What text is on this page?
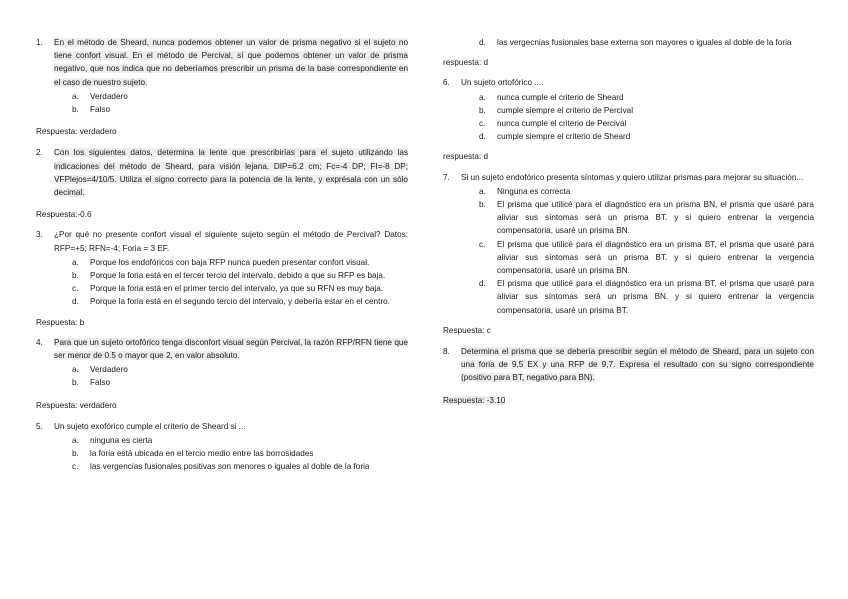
1.	En el método de Sheard, nunca podemos obtener un valor de prisma negativo si el sujeto no tiene confort visual. En el método de Percival, sí que podemos obtener un valor de prisma negativo, que nos indica que no deberíamos prescribir un prisma de la base correspondiente en el caso de nuestro sujeto.
a.	Verdadero
b.	Falso
Respuesta: verdadero
2.	Con los siguientes datos, determina la lente que prescribirías para el sujeto utilizando las indicaciones del método de Sheard, para visión lejana. DIP=6.2 cm; Fc=-4 DP; FI=-8 DP; VFPlejos=4/10/5. Utiliza el signo correcto para la potencia de la lente, y exprésala con un sólo decimal.
Respuesta:-0.6
3.	¿Por qué no presente confort visual el siguiente sujeto según el método de Percival? Datos: RFP=+5; RFN=-4; Foria = 3 EF.
a.	Porque los endofóricos con baja RFP nunca pueden presentar confort visual.
b.	Porque la foria está en el tercer tercio del intervalo, debido a que su RFP es baja.
c.	Porque la foria está en el primer tercio del intervalo, ya que su RFN es muy baja.
d.	Porque la foria está en el segundo tercio del intervalo, y debería estar en el centro.
Respuesta: b
4.	Para que un sujeto ortofórico tenga disconfort visual según Percival, la razón RFP/RFN tiene que ser menor de 0.5 o mayor que 2, en valor absoluto.
a.	Verdadero
b.	Falso
Respuesta: verdadero
5.	Un sujeto exofórico cumple el criterio de Sheard si ...
a.	ninguna es cierta
b.	la foria está ubicada en el tercio medio entre las borrosidades
c.	las vergencias fusionales positivas son menores o iguales al doble de la foria
d.	las vergecnias fusionales base externa son mayores o iguales al doble de la foria
respuesta: d
6.	Un sujeto ortofórico ....
a.	nunca cumple el criterio de Sheard
b.	cumple siempre el criterio de Percival
c.	nunca cumple el criterio de Percival
d.	cumple siempre el criterio de Sheard
respuesta: d
7.	Si un sujeto endofórico presenta síntomas y quiero utilizar prismas para mejorar su situación...
a.	Ninguna es correcta
b.	El prisma que utilicé para el diagnóstico era un prisma BN, el prisma que usaré para aliviar sus síntomas será un prisma BT. y si quiero entrenar la vergencia compensatoria, usaré un prisma BN.
c.	El prisma que utilicé para el diagnóstico era un prisma BT, el prisma que usaré para aliviar sus síntomas será un prisma BT. y si quiero entrenar la vergencia compensatoria, usaré un prisma BN.
d.	El prisma que utilicé para el diagnóstico era un prisma BT, el prisma que usaré para aliviar sus síntomas será un prisma BN. y si quiero entrenar la vergencia compensatoria, usaré un prisma BT.
Respuesta: c
8.	Determina el prisma que se debería prescribir según el método de Sheard, para un sujeto con una foria de 9,5 EX y una RFP de 9,7. Expresa el resultado con su signo correspondiente (positivo para BT, negativo para BN).
Respuesta: -3.10
